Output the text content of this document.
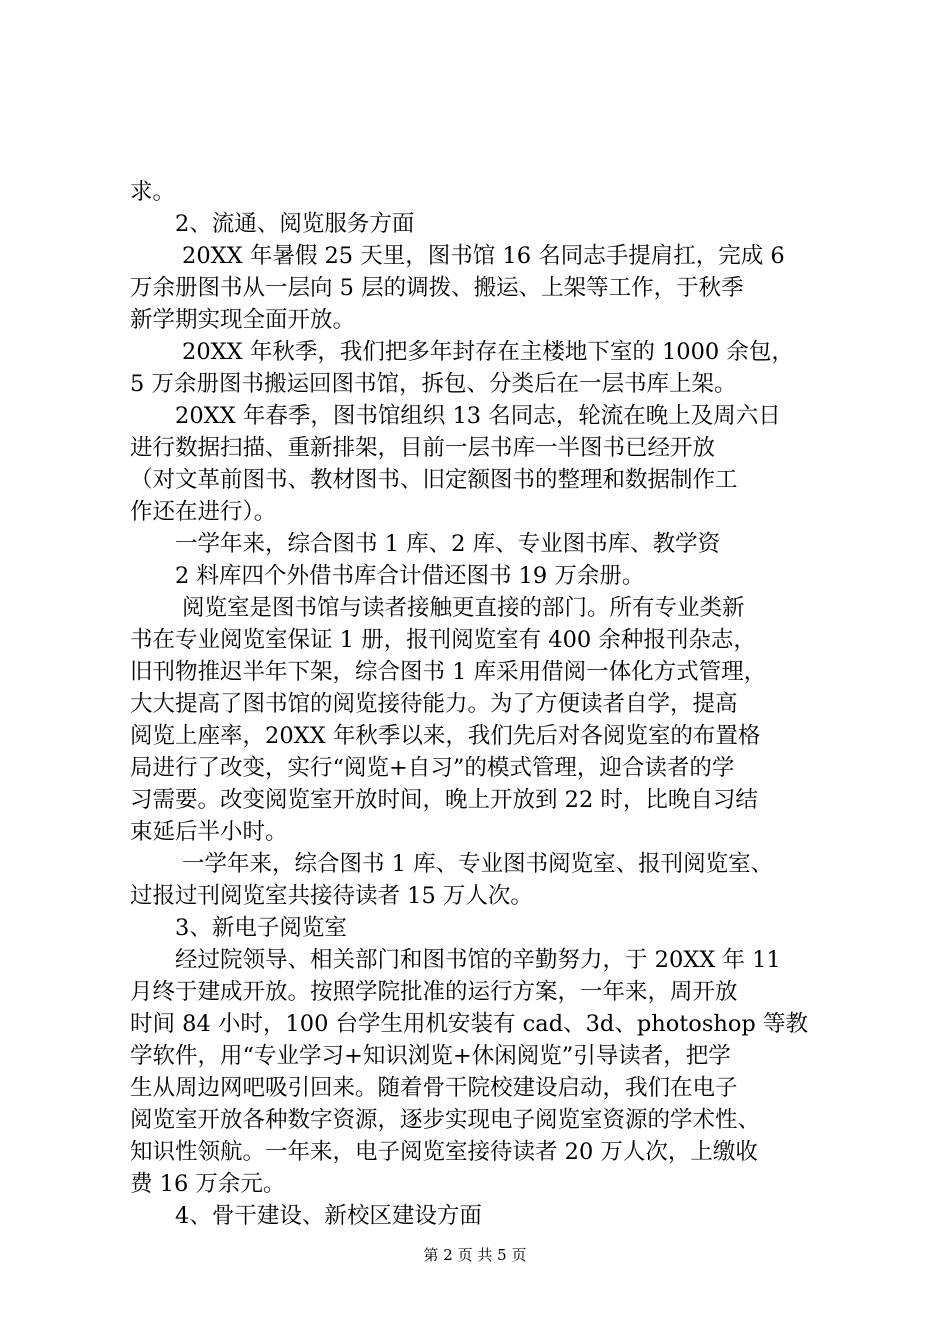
求。
2、流通、阅览服务方面
20XX 年暑假 25 天里，图书馆 16 名同志手提肩扛，完成 6
万余册图书从一层向 5 层的调拨、搬运、上架等工作，于秋季
新学期实现全面开放。
20XX 年秋季，我们把多年封存在主楼地下室的 1000 余包，
5 万余册图书搬运回图书馆，拆包、分类后在一层书库上架。
20XX 年春季，图书馆组织 13 名同志，轮流在晚上及周六日
进行数据扫描、重新排架，目前一层书库一半图书已经开放
（对文革前图书、教材图书、旧定额图书的整理和数据制作工
作还在进行）。
一学年来，综合图书 1 库、2 库、专业图书库、教学资
2 料库四个外借书库合计借还图书 19 万余册。
阅览室是图书馆与读者接触更直接的部门。所有专业类新
书在专业阅览室保证 1 册，报刊阅览室有 400 余种报刊杂志，
旧刊物推迟半年下架，综合图书 1 库采用借阅一体化方式管理，
大大提高了图书馆的阅览接待能力。为了方便读者自学，提高
阅览上座率，20XX 年秋季以来，我们先后对各阅览室的布置格
局进行了改变，实行“阅览+自习”的模式管理，迎合读者的学
习需要。改变阅览室开放时间，晚上开放到 22 时，比晚自习结
束延后半小时。
一学年来，综合图书 1 库、专业图书阅览室、报刊阅览室、
过报过刊阅览室共接待读者 15 万人次。
3、新电子阅览室
经过院领导、相关部门和图书馆的辛勤努力，于 20XX 年 11
月终于建成开放。按照学院批准的运行方案，一年来，周开放
时间 84 小时，100 台学生用机安装有 cad、3d、photoshop 等教
学软件，用“专业学习+知识浏览+休闲阅览”引导读者，把学
生从周边网吧吸引回来。随着骨干院校建设启动，我们在电子
阅览室开放各种数字资源，逐步实现电子阅览室资源的学术性、
知识性领航。一年来，电子阅览室接待读者 20 万人次，上缴收
费 16 万余元。
4、骨干建设、新校区建设方面
第 2 页 共 5 页
